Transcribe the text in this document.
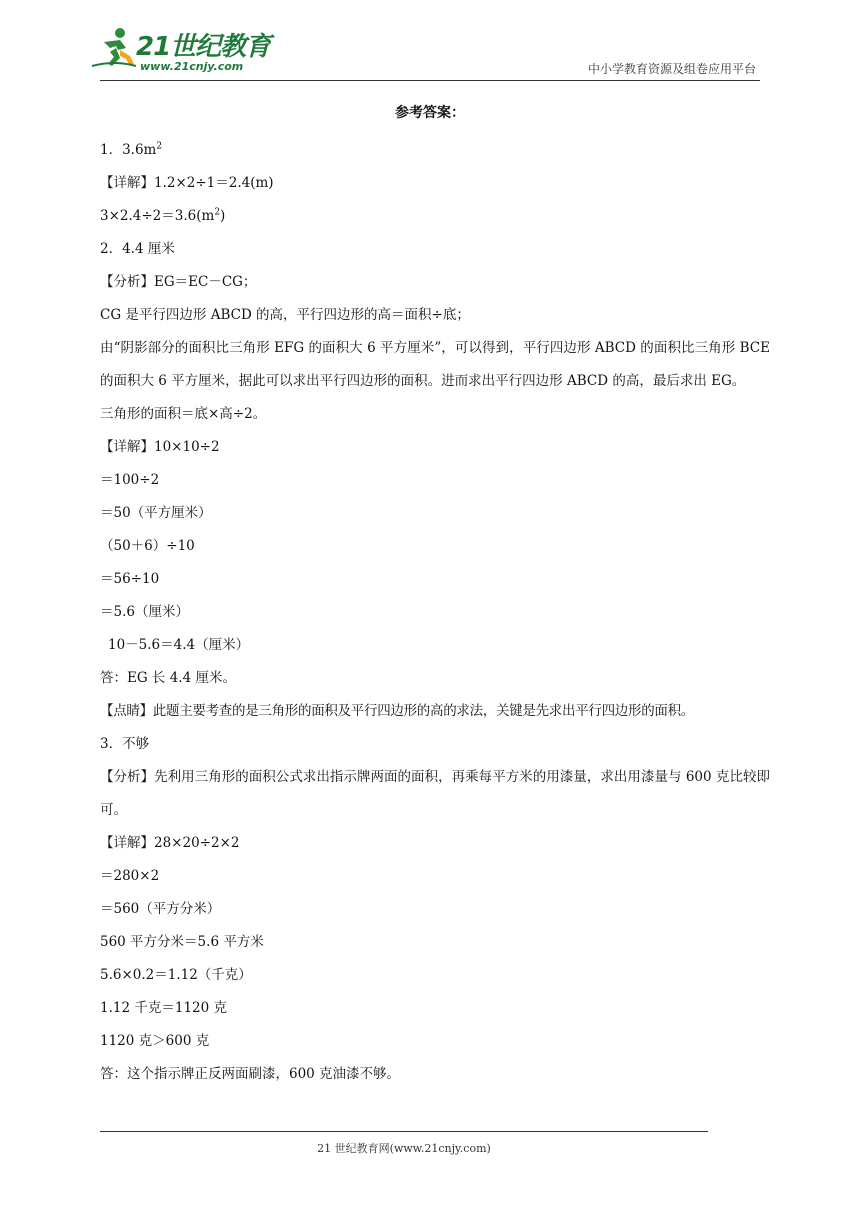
21世纪教育
www.21cnjy.com	中小学教育资源及组卷应用平台
参考答案：
1．$3.6m^2$
【详解】1.2×2÷1＝2.4(m)
$3\times 2.4\div 2=3.6(m^2)$
2．4.4 厘米
【分析】EG＝EC－CG；
CG 是平行四边形 ABCD 的高，平行四边形的高＝面积÷底；
由“阴影部分的面积比三角形 EFG 的面积大 6 平方厘米”，可以得到，平行四边形 ABCD 的面积比三角形 BCE 的面积大 6 平方厘米，据此可以求出平行四边形的面积。进而求出平行四边形 ABCD 的高，最后求出 EG。
三角形的面积＝底×高÷2。
【详解】10×10÷2
＝100÷2
＝50（平方厘米）
（50＋6）÷10
＝56÷10
＝5.6（厘米）
10－5.6＝4.4（厘米）
答：EG 长 4.4 厘米。
【点睛】此题主要考查的是三角形的面积及平行四边形的高的求法，关键是先求出平行四边形的面积。
3．不够
【分析】先利用三角形的面积公式求出指示牌两面的面积，再乘每平方米的用漆量，求出用漆量与 600 克比较即可。
【详解】28×20÷2×2
＝280×2
＝560（平方分米）
560 平方分米＝5.6 平方米
5.6×0.2＝1.12（千克）
1.12 千克＝1120 克
1120 克＞600 克
答：这个指示牌正反两面刷漆，600 克油漆不够。
21 世纪教育网(www.21cnjy.com)
